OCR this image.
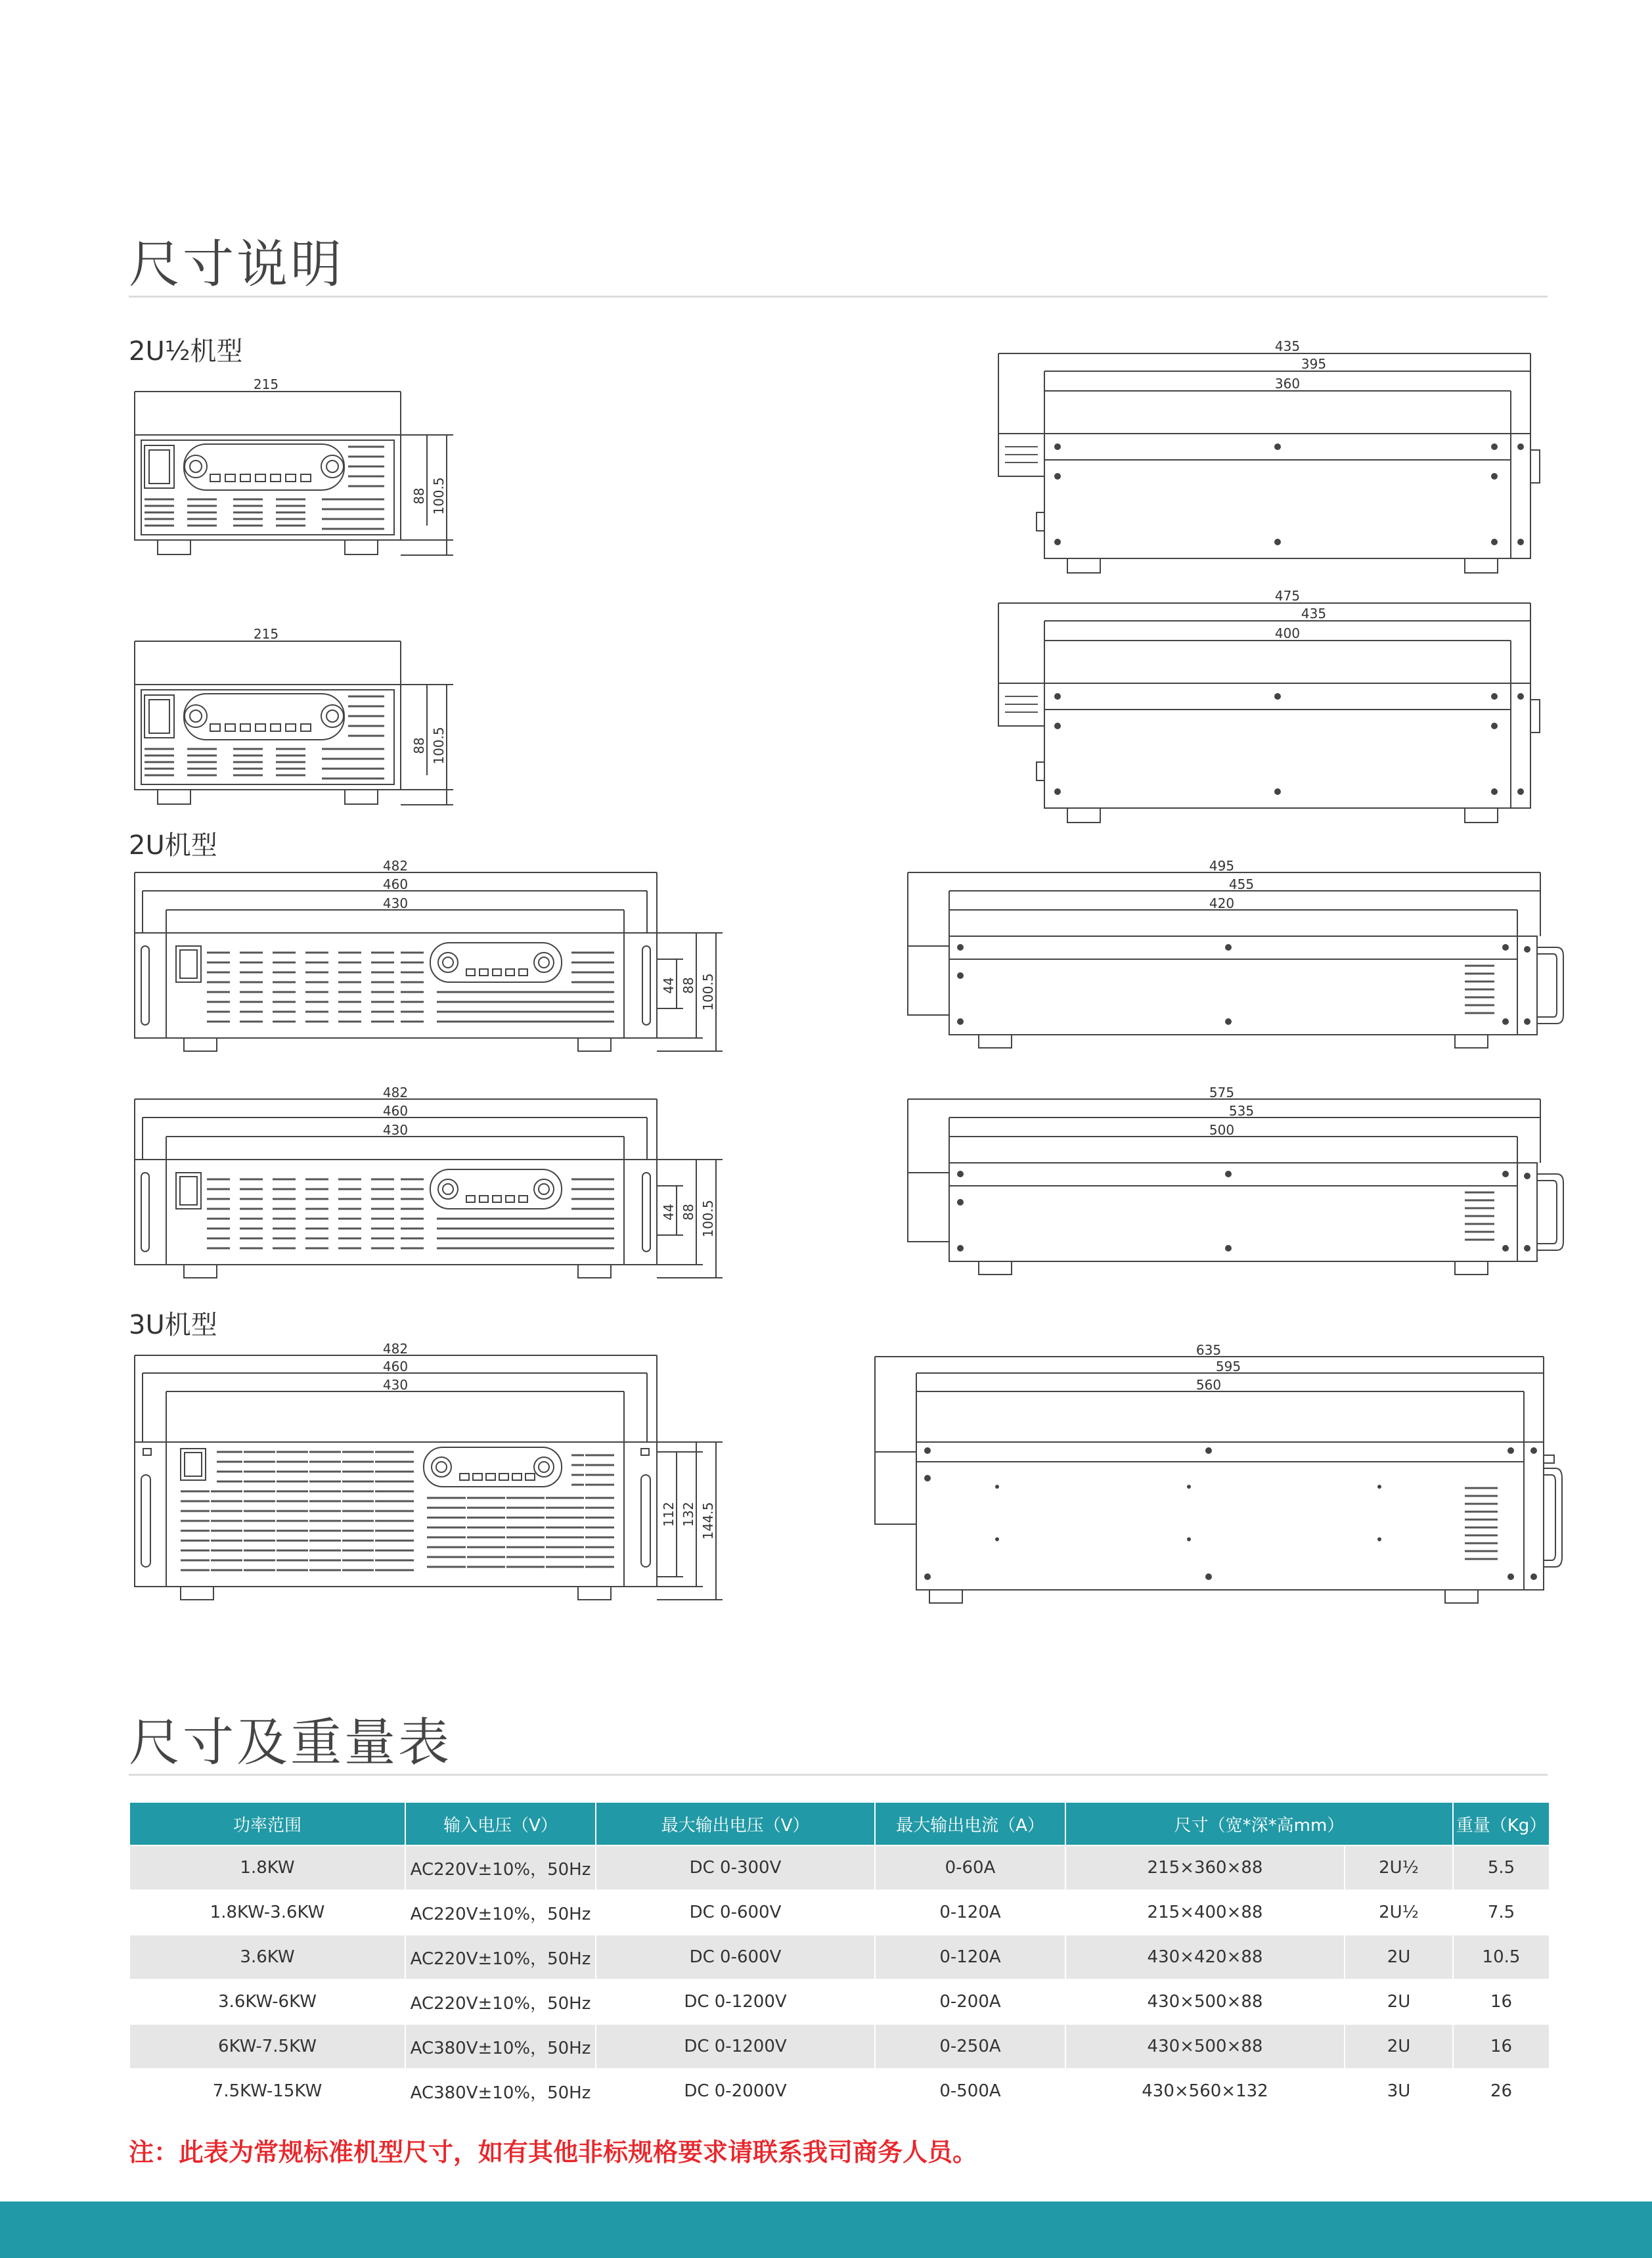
尺寸说明
2U½机型
2U机型
3U机型
215
88 100.5
215
88 100.5
435
395
360
475
435
400
482
460
430
44 88 100.5
482
460
430
44 88 100.5
495
455
420
575
535
500
482
460
430
112 132 144.5
635
595
560
尺寸及重量表
功率范围	输入电压（V）	最大输出电压（V）	最大输出电流（A）	尺寸（宽*深*高mm）		重量（Kg）
1.8KW	AC220V±10%，50Hz	DC 0-300V	0-60A	215×360×88	2U½	5.5
1.8KW-3.6KW	AC220V±10%，50Hz	DC 0-600V	0-120A	215×400×88	2U½	7.5
3.6KW	AC220V±10%，50Hz	DC 0-600V	0-120A	430×420×88	2U	10.5
3.6KW-6KW	AC220V±10%，50Hz	DC 0-1200V	0-200A	430×500×88	2U	16
6KW-7.5KW	AC380V±10%，50Hz	DC 0-1200V	0-250A	430×500×88	2U	16
7.5KW-15KW	AC380V±10%，50Hz	DC 0-2000V	0-500A	430×560×132	3U	26
注：此表为常规标准机型尺寸，如有其他非标规格要求请联系我司商务人员。
